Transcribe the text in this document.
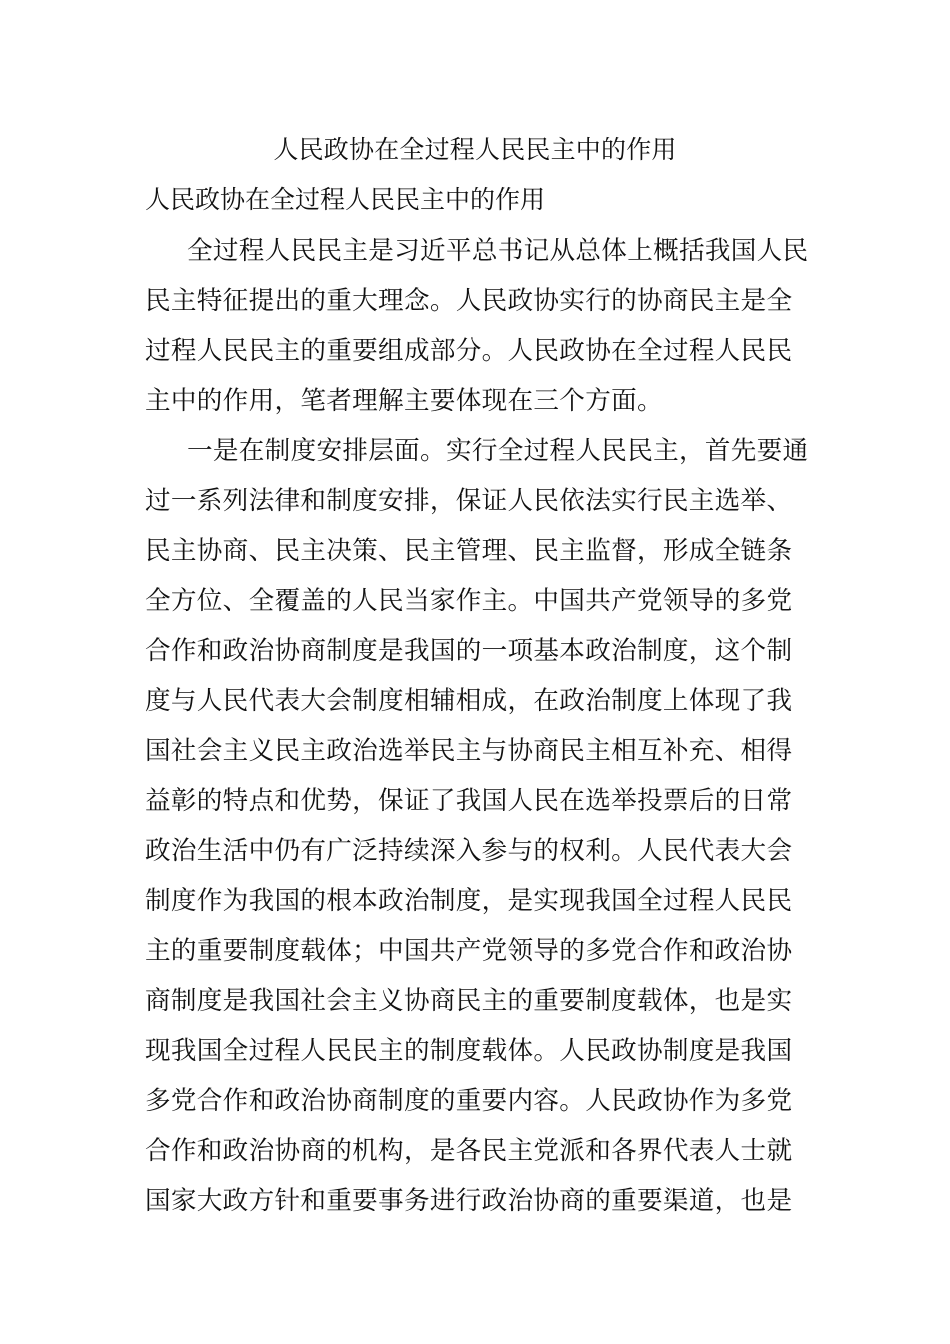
人民政协在全过程人民民主中的作用
人民政协在全过程人民民主中的作用
全过程人民民主是习近平总书记从总体上概括我国人民
民主特征提出的重大理念。人民政协实行的协商民主是全
过程人民民主的重要组成部分。人民政协在全过程人民民
主中的作用，笔者理解主要体现在三个方面。
一是在制度安排层面。实行全过程人民民主，首先要通
过一系列法律和制度安排，保证人民依法实行民主选举、
民主协商、民主决策、民主管理、民主监督，形成全链条
全方位、全覆盖的人民当家作主。中国共产党领导的多党
合作和政治协商制度是我国的一项基本政治制度，这个制
度与人民代表大会制度相辅相成，在政治制度上体现了我
国社会主义民主政治选举民主与协商民主相互补充、相得
益彰的特点和优势，保证了我国人民在选举投票后的日常
政治生活中仍有广泛持续深入参与的权利。人民代表大会
制度作为我国的根本政治制度，是实现我国全过程人民民
主的重要制度载体；中国共产党领导的多党合作和政治协
商制度是我国社会主义协商民主的重要制度载体，也是实
现我国全过程人民民主的制度载体。人民政协制度是我国
多党合作和政治协商制度的重要内容。人民政协作为多党
合作和政治协商的机构，是各民主党派和各界代表人士就
国家大政方针和重要事务进行政治协商的重要渠道，也是
